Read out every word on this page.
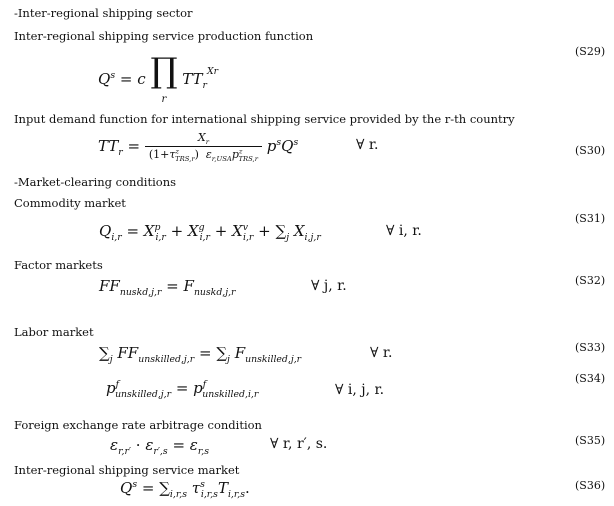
-Inter-regional shipping sector
Inter-regional shipping service production function
$Q^s = c$ ∏
r $TT_r^{Xr}$
(S29)
Input demand function for international shipping service provided by the r-th country
$TT_r = \frac{X_r}{(1+\tau^z_{TRS,r}) \varepsilon_{r,USA}p^z_{TRS,r}} p^sQ^s$	∀ r.	(S30)
-Market-clearing conditions
Commodity market
$Q_{i,r} = X^p_{i,r} + X^g_{i,r} + X^v_{i,r} + \sum_j$ $X_{i,j,r}$	∀ i, r.
(S31)
Factor markets
$FF_{nuskd,j,r} = F_{nuskd,j,r}$	∀ j, r.	(S32)
Labor market
$\sum_j$ $FF_{unskilled,j,r} = \sum_j$ $F_{unskilled,j,r}$	∀ r.	(S33)
$p^f_{unskilled,j,r} = p^f_{unskilled,i,r}$	∀ i, j, r.
(S34)
Foreign exchange rate arbitrage condition
$\varepsilon_{r,r'} \cdot \varepsilon_{r',s} = \varepsilon_{r,s}$	∀ r, r′, s.	(S35)
Inter-regional shipping service market
$Q^s = \sum_{i,r,s}$ $\tau^s_{i,r,s}T_{i,r,s}$.	(S36)
